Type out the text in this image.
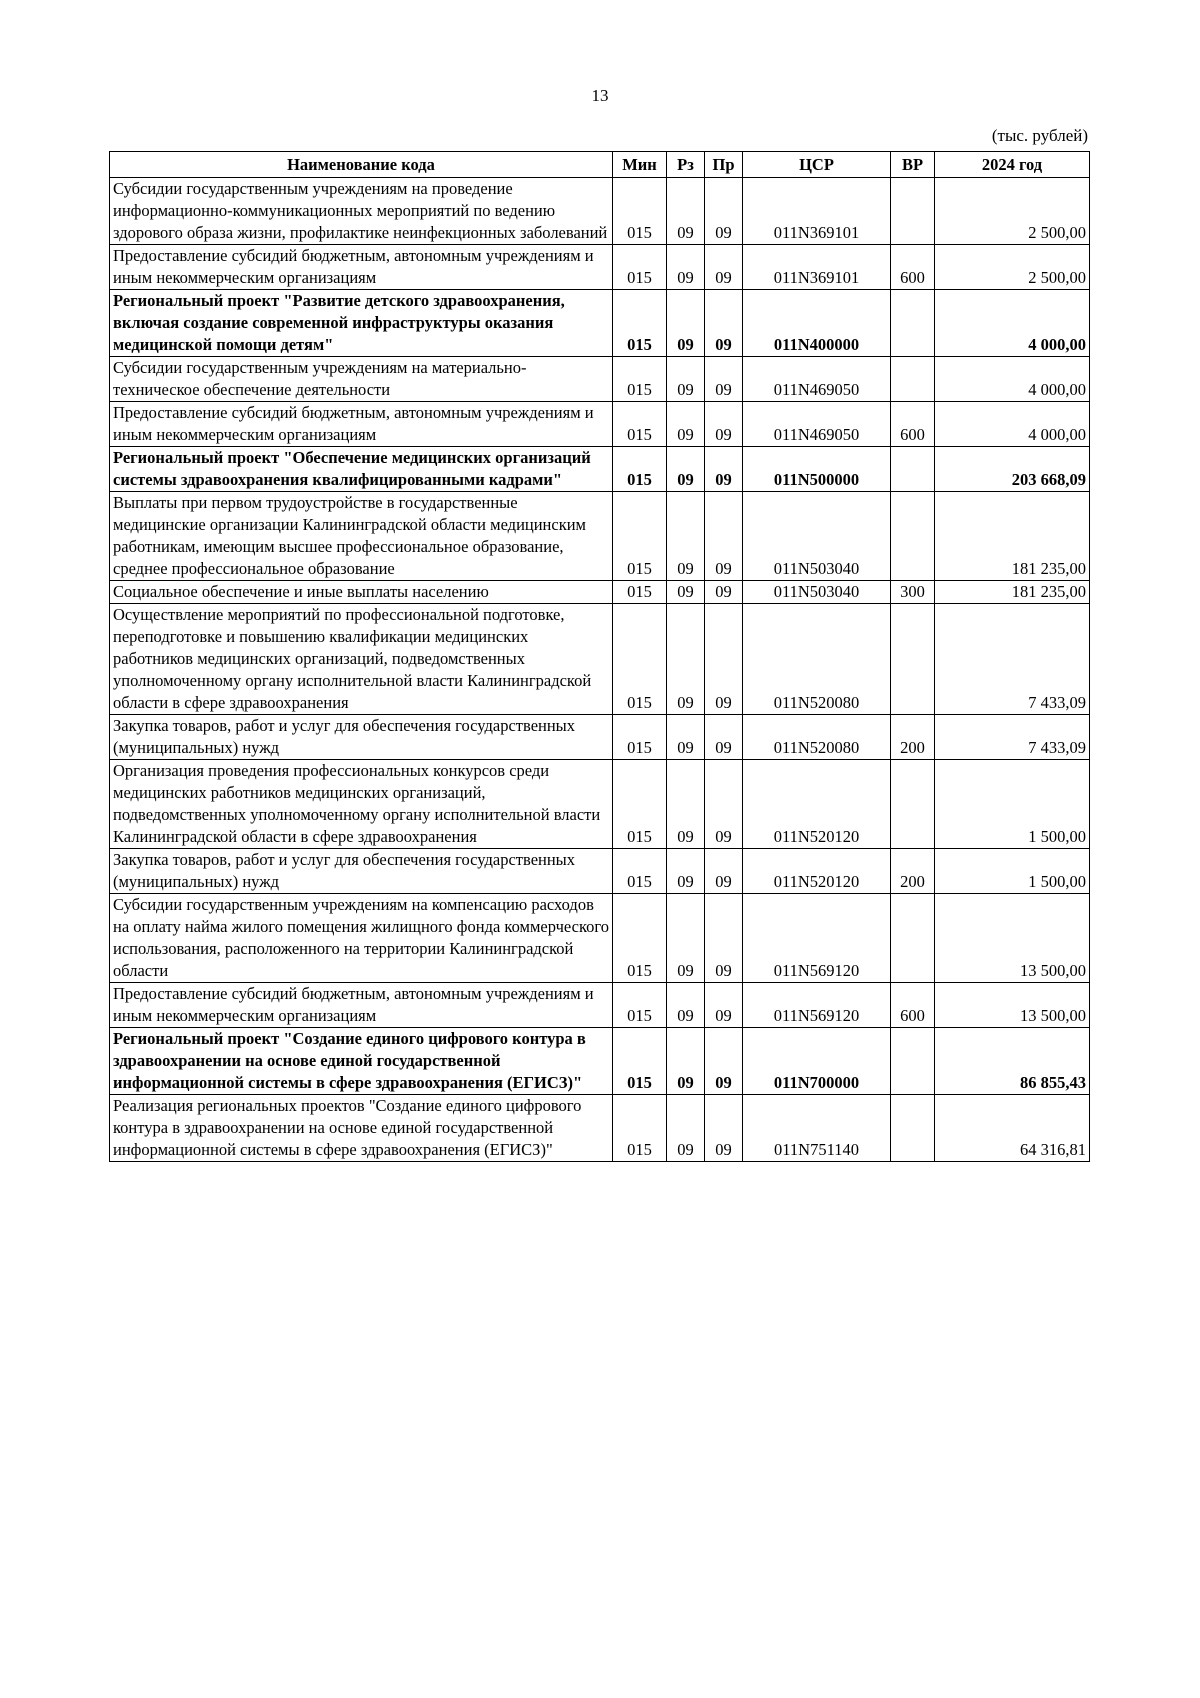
13
(тыс. рублей)
Наименование кода	Мин	Рз	Пр	ЦСР	ВР	2024 год
Субсидии государственным учреждениям на проведение информационно-коммуникационных мероприятий по ведению здорового образа жизни, профилактике неинфекционных заболеваний	015	09	09	011N369101		2 500,00
Предоставление субсидий бюджетным, автономным учреждениям и иным некоммерческим организациям	015	09	09	011N369101	600	2 500,00
Региональный проект "Развитие детского здравоохранения, включая создание современной инфраструктуры оказания медицинской помощи детям"	015	09	09	011N400000		4 000,00
Субсидии государственным учреждениям на материально-техническое обеспечение деятельности	015	09	09	011N469050		4 000,00
Предоставление субсидий бюджетным, автономным учреждениям и иным некоммерческим организациям	015	09	09	011N469050	600	4 000,00
Региональный проект "Обеспечение медицинских организаций системы здравоохранения квалифицированными кадрами"	015	09	09	011N500000		203 668,09
Выплаты при первом трудоустройстве в государственные медицинские организации Калининградской области медицинским работникам, имеющим высшее профессиональное образование, среднее профессиональное образование	015	09	09	011N503040		181 235,00
Социальное обеспечение и иные выплаты населению	015	09	09	011N503040	300	181 235,00
Осуществление мероприятий по профессиональной подготовке, переподготовке и повышению квалификации медицинских работников медицинских организаций, подведомственных уполномоченному органу исполнительной власти Калининградской области в сфере здравоохранения	015	09	09	011N520080		7 433,09
Закупка товаров, работ и услуг для обеспечения государственных (муниципальных) нужд	015	09	09	011N520080	200	7 433,09
Организация проведения профессиональных конкурсов среди медицинских работников медицинских организаций, подведомственных уполномоченному органу исполнительной власти Калининградской области в сфере здравоохранения	015	09	09	011N520120		1 500,00
Закупка товаров, работ и услуг для обеспечения государственных (муниципальных) нужд	015	09	09	011N520120	200	1 500,00
Субсидии государственным учреждениям на компенсацию расходов на оплату найма жилого помещения жилищного фонда коммерческого использования, расположенного на территории Калининградской области	015	09	09	011N569120		13 500,00
Предоставление субсидий бюджетным, автономным учреждениям и иным некоммерческим организациям	015	09	09	011N569120	600	13 500,00
Региональный проект "Создание единого цифрового контура в здравоохранении на основе единой государственной информационной системы в сфере здравоохранения (ЕГИСЗ)"	015	09	09	011N700000		86 855,43
Реализация региональных проектов "Создание единого цифрового контура в здравоохранении на основе единой государственной информационной системы в сфере здравоохранения (ЕГИСЗ)"	015	09	09	011N751140		64 316,81
